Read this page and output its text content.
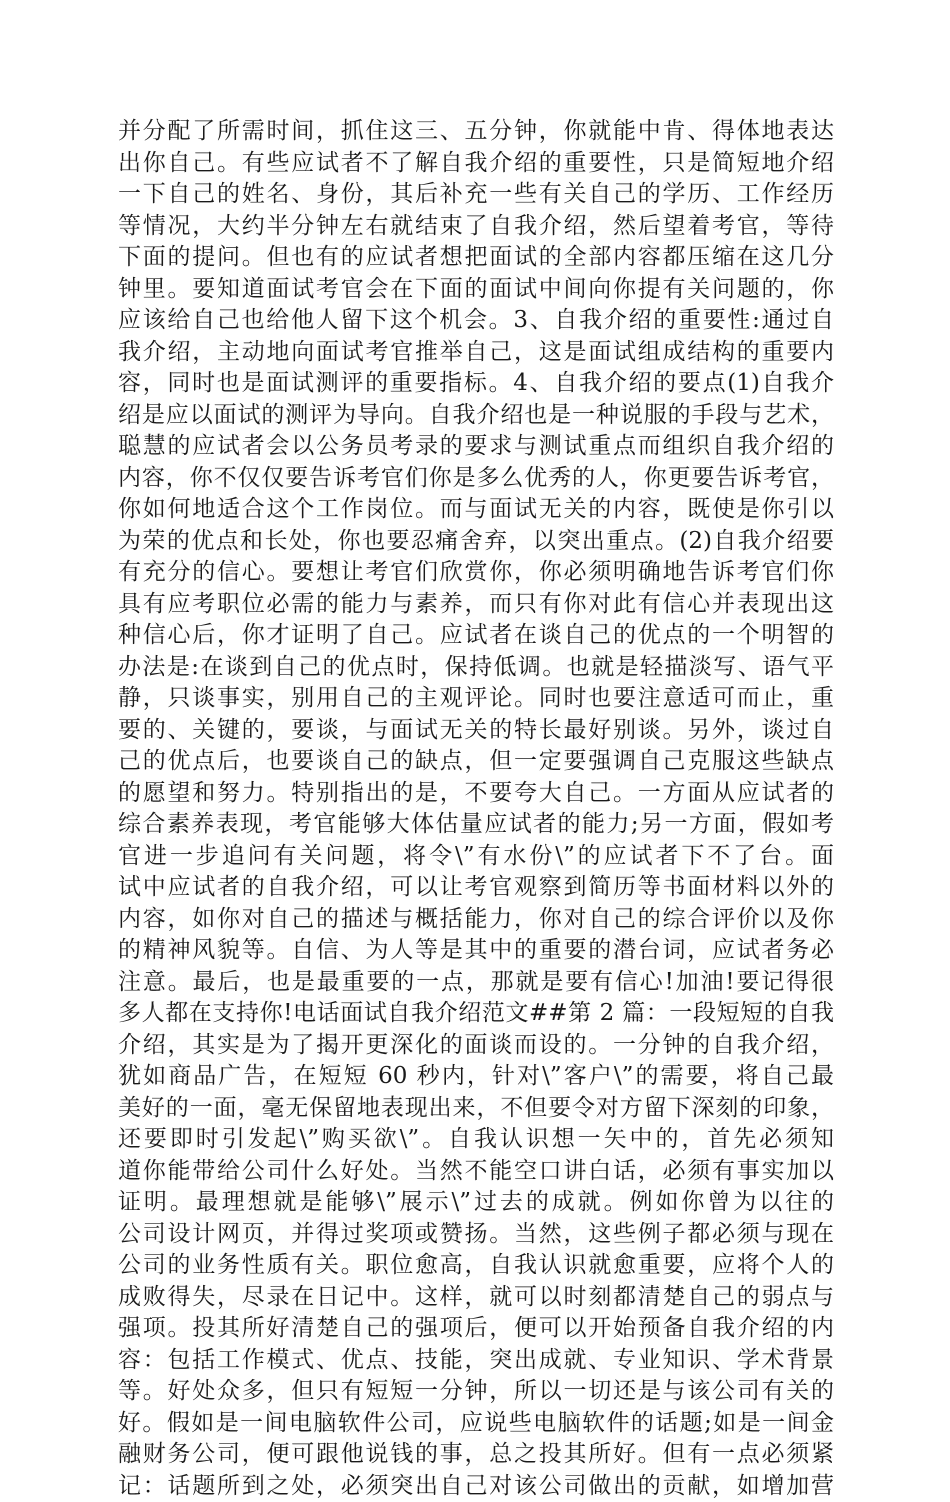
并分配了所需时间，抓住这三、五分钟，你就能中肯、得体地表达
出你自己。有些应试者不了解自我介绍的重要性，只是简短地介绍
一下自己的姓名、身份，其后补充一些有关自己的学历、工作经历
等情况，大约半分钟左右就结束了自我介绍，然后望着考官，等待
下面的提问。但也有的应试者想把面试的全部内容都压缩在这几分
钟里。要知道面试考官会在下面的面试中间向你提有关问题的，你
应该给自己也给他人留下这个机会。3、自我介绍的重要性:通过自
我介绍，主动地向面试考官推举自己，这是面试组成结构的重要内
容，同时也是面试测评的重要指标。4、自我介绍的要点(1)自我介
绍是应以面试的测评为导向。自我介绍也是一种说服的手段与艺术，
聪慧的应试者会以公务员考录的要求与测试重点而组织自我介绍的
内容，你不仅仅要告诉考官们你是多么优秀的人，你更要告诉考官，
你如何地适合这个工作岗位。而与面试无关的内容，既使是你引以
为荣的优点和长处，你也要忍痛舍弃，以突出重点。(2)自我介绍要
有充分的信心。要想让考官们欣赏你，你必须明确地告诉考官们你
具有应考职位必需的能力与素养，而只有你对此有信心并表现出这
种信心后，你才证明了自己。应试者在谈自己的优点的一个明智的
办法是:在谈到自己的优点时，保持低调。也就是轻描淡写、语气平
静，只谈事实，别用自己的主观评论。同时也要注意适可而止，重
要的、关键的，要谈，与面试无关的特长最好别谈。另外，谈过自
己的优点后，也要谈自己的缺点，但一定要强调自己克服这些缺点
的愿望和努力。特别指出的是，不要夸大自己。一方面从应试者的
综合素养表现，考官能够大体估量应试者的能力;另一方面，假如考
官进一步追问有关问题，将令\”有水份\”的应试者下不了台。面
试中应试者的自我介绍，可以让考官观察到简历等书面材料以外的
内容，如你对自己的描述与概括能力，你对自己的综合评价以及你
的精神风貌等。自信、为人等是其中的重要的潜台词，应试者务必
注意。最后，也是最重要的一点，那就是要有信心!加油!要记得很
多人都在支持你!电话面试自我介绍范文##第 2 篇：一段短短的自我
介绍，其实是为了揭开更深化的面谈而设的。一分钟的自我介绍，
犹如商品广告，在短短 60 秒内，针对\”客户\”的需要，将自己最
美好的一面，毫无保留地表现出来，不但要令对方留下深刻的印象，
还要即时引发起\”购买欲\”。自我认识想一矢中的，首先必须知
道你能带给公司什么好处。当然不能空口讲白话，必须有事实加以
证明。最理想就是能够\”展示\”过去的成就。例如你曾为以往的
公司设计网页，并得过奖项或赞扬。当然，这些例子都必须与现在
公司的业务性质有关。职位愈高，自我认识就愈重要，应将个人的
成败得失，尽录在日记中。这样，就可以时刻都清楚自己的弱点与
强项。投其所好清楚自己的强项后，便可以开始预备自我介绍的内
容：包括工作模式、优点、技能，突出成就、专业知识、学术背景
等。好处众多，但只有短短一分钟，所以一切还是与该公司有关的
好。假如是一间电脑软件公司，应说些电脑软件的话题;如是一间金
融财务公司，便可跟他说钱的事，总之投其所好。但有一点必须紧
记：话题所到之处，必须突出自己对该公司做出的贡献，如增加营
